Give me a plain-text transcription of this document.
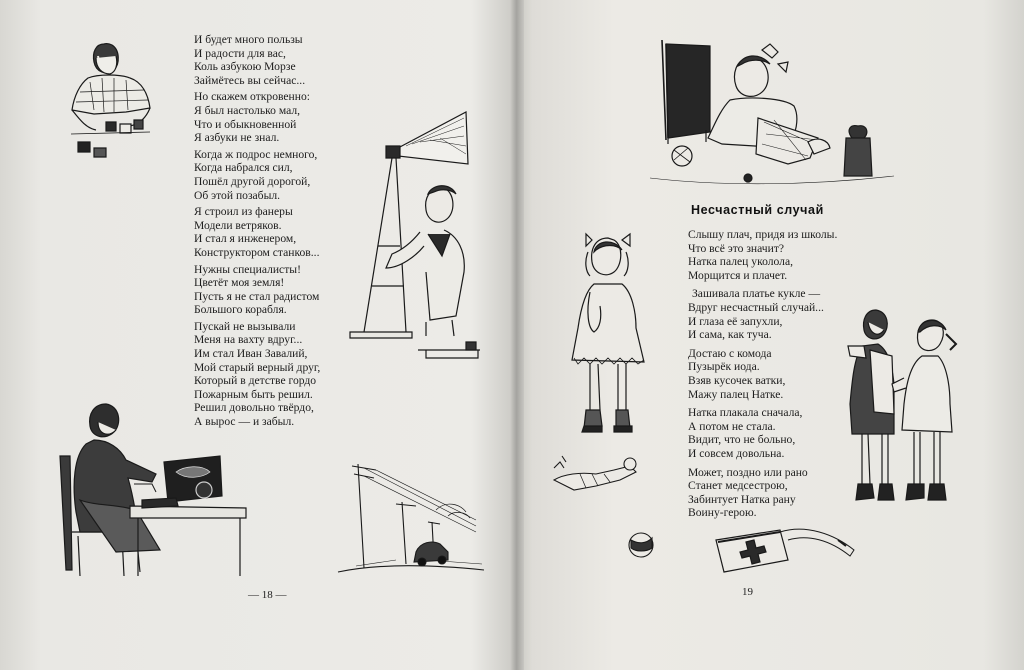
И будет много пользы
И радости для вас,
Коль азбукою Морзе
Займётесь вы сейчас...
Но скажем откровенно:
Я был настолько мал,
Что и обыкновенной
Я азбуки не знал.
Когда ж подрос немного,
Когда набрался сил,
Пошёл другой дорогой,
Об этой позабыл.
Я строил из фанеры
Модели ветряков.
И стал я инженером,
Конструктором станков...
Нужны специалисты!
Цветёт моя земля!
Пусть я не стал радистом
Большого корабля.
Пускай не вызывали
Меня на вахту вдруг...
Им стал Иван Завалий,
Мой старый верный друг,
Который в детстве гордо
Пожарным быть решил.
Решил довольно твёрдо,
А вырос — и забыл.
— 18 —
Несчастный случай
Слышу плач, придя из школы.
Что всё это значит?
Натка палец уколола,
Морщится и плачет.
Зашивала платье кукле —
Вдруг несчастный случай...
И глаза её запухли,
И сама, как туча.
Достаю с комода
Пузырёк иода.
Взяв кусочек ватки,
Мажу палец Натке.
Натка плакала сначала,
А потом не стала.
Видит, что не больно,
И совсем довольна.
Может, поздно или рано
Станет медсестрою,
Забинтует Натка рану
Воину-герою.
19
